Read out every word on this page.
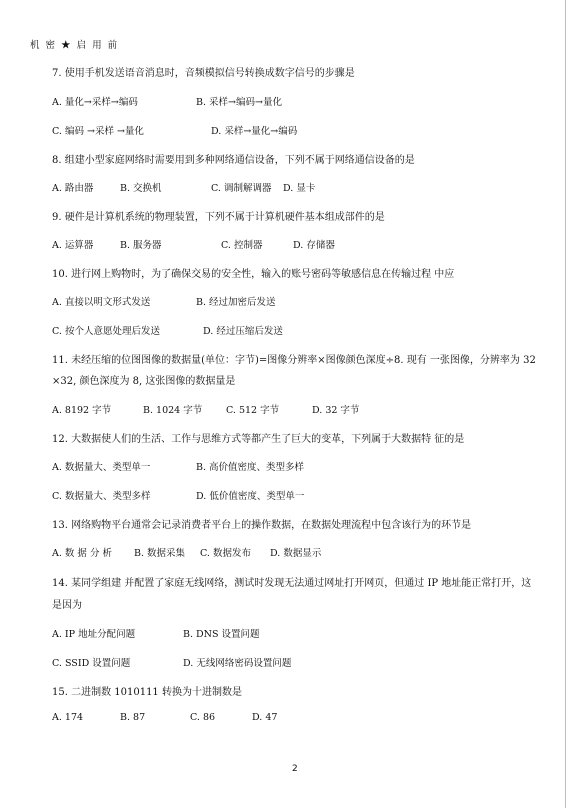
机 密 ★ 启 用 前
7. 使用手机发送语音消息时，音频模拟信号转换成数字信号的步骤是
A. 量化→采样→编码	B. 采样→编码→量化
C. 编码 →采样 →量化	D. 采样→量化→编码
8. 组建小型家庭网络时需要用到多种网络通信设备，下列不属于网络通信设备的是
A. 路由器	B. 交换机	C. 调制解调器 D. 显卡
9. 硬件是计算机系统的物理装置，下列不属于计算机硬件基本组成部件的是
A. 运算器	B. 服务器	C. 控制器	D. 存储器
10. 进行网上购物时，为了确保交易的安全性，输入的账号密码等敏感信息在传输过程 中应
A. 直接以明文形式发送	B. 经过加密后发送
C. 按个人意愿处理后发送	D. 经过压缩后发送
11. 未经压缩的位图图像的数据量(单位：字节)=图像分辨率×图像颜色深度÷8. 现有 一张图像，分辨率为 32
×32, 颜色深度为 8, 这张图像的数据量是
A. 8192 字节	B. 1024 字节	C. 512 字节	D. 32 字节
12. 大数据使人们的生活、工作与思维方式等都产生了巨大的变革，下列属于大数据特 征的是
A. 数据量大、类型单一	B. 高价值密度、类型多样
C. 数据量大、类型多样	D. 低价值密度、类型单一
13. 网络购物平台通常会记录消费者平台上的操作数据，在数据处理流程中包含该行为的环节是
A. 数 据 分 析 B. 数据采集 C. 数据发布 D. 数据显示
14. 某同学组建 并配置了家庭无线网络，测试时发现无法通过网址打开网页，但通过 IP 地址能正常打开，这
是因为
A. IP 地址分配问题	B. DNS 设置问题
C. SSID 设置问题	D. 无线网络密码设置问题
15. 二进制数 1010111 转换为十进制数是
A. 174	B. 87	C. 86	D. 47
2
